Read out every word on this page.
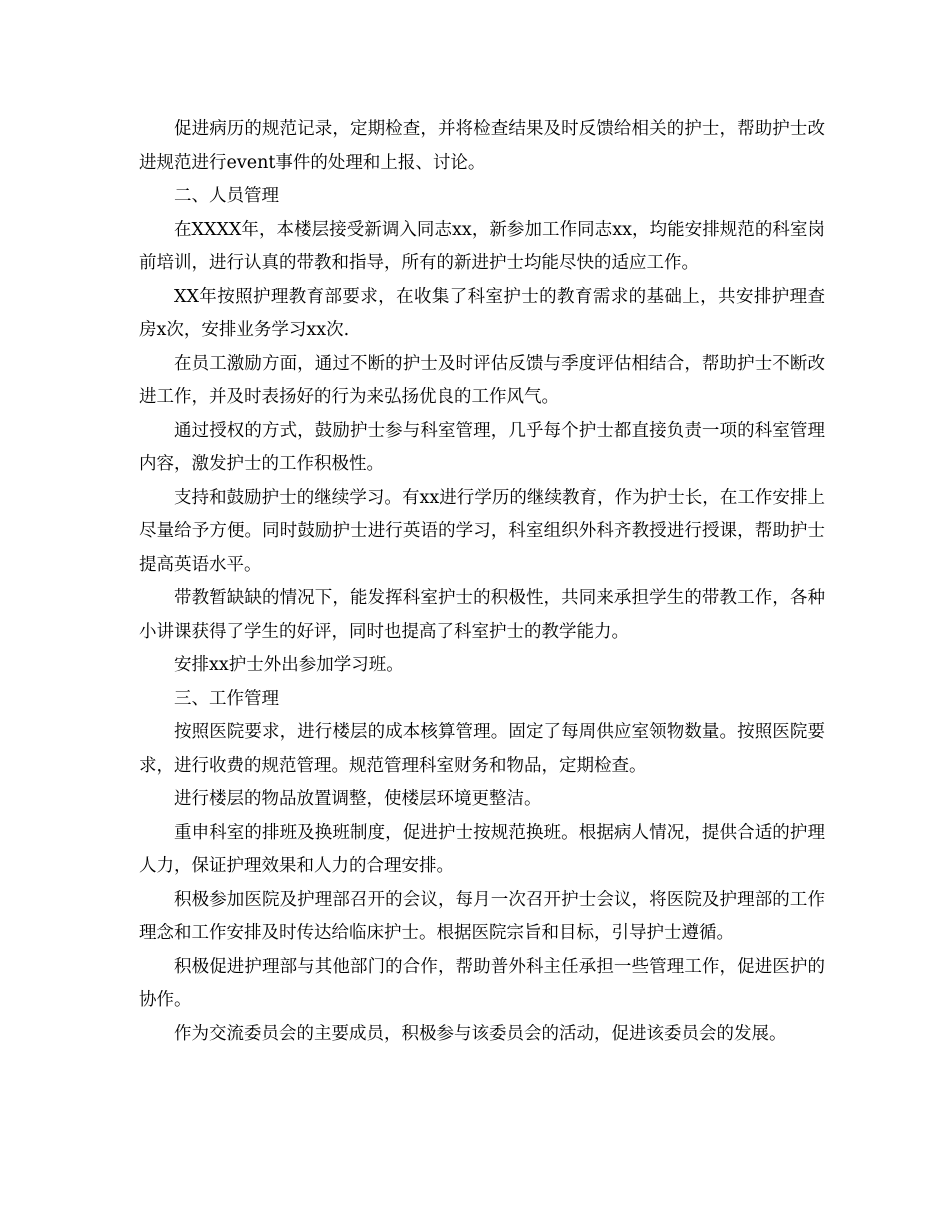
促进病历的规范记录，定期检查，并将检查结果及时反馈给相关的护士，帮助护士改进规范进行event事件的处理和上报、讨论。

二、人员管理

在XXXX年，本楼层接受新调入同志xx，新参加工作同志xx，均能安排规范的科室岗前培训，进行认真的带教和指导，所有的新进护士均能尽快的适应工作。

XX年按照护理教育部要求，在收集了科室护士的教育需求的基础上，共安排护理查房x次，安排业务学习xx次.

在员工激励方面，通过不断的护士及时评估反馈与季度评估相结合，帮助护士不断改进工作，并及时表扬好的行为来弘扬优良的工作风气。

通过授权的方式，鼓励护士参与科室管理，几乎每个护士都直接负责一项的科室管理内容，激发护士的工作积极性。

支持和鼓励护士的继续学习。有xx进行学历的继续教育，作为护士长，在工作安排上尽量给予方便。同时鼓励护士进行英语的学习，科室组织外科齐教授进行授课，帮助护士提高英语水平。

带教暂缺缺的情况下，能发挥科室护士的积极性，共同来承担学生的带教工作，各种小讲课获得了学生的好评，同时也提高了科室护士的教学能力。

安排xx护士外出参加学习班。

三、工作管理

按照医院要求，进行楼层的成本核算管理。固定了每周供应室领物数量。按照医院要求，进行收费的规范管理。规范管理科室财务和物品，定期检查。

进行楼层的物品放置调整，使楼层环境更整洁。

重申科室的排班及换班制度，促进护士按规范换班。根据病人情况，提供合适的护理人力，保证护理效果和人力的合理安排。

积极参加医院及护理部召开的会议，每月一次召开护士会议，将医院及护理部的工作理念和工作安排及时传达给临床护士。根据医院宗旨和目标，引导护士遵循。

积极促进护理部与其他部门的合作，帮助普外科主任承担一些管理工作，促进医护的协作。

作为交流委员会的主要成员，积极参与该委员会的活动，促进该委员会的发展。
